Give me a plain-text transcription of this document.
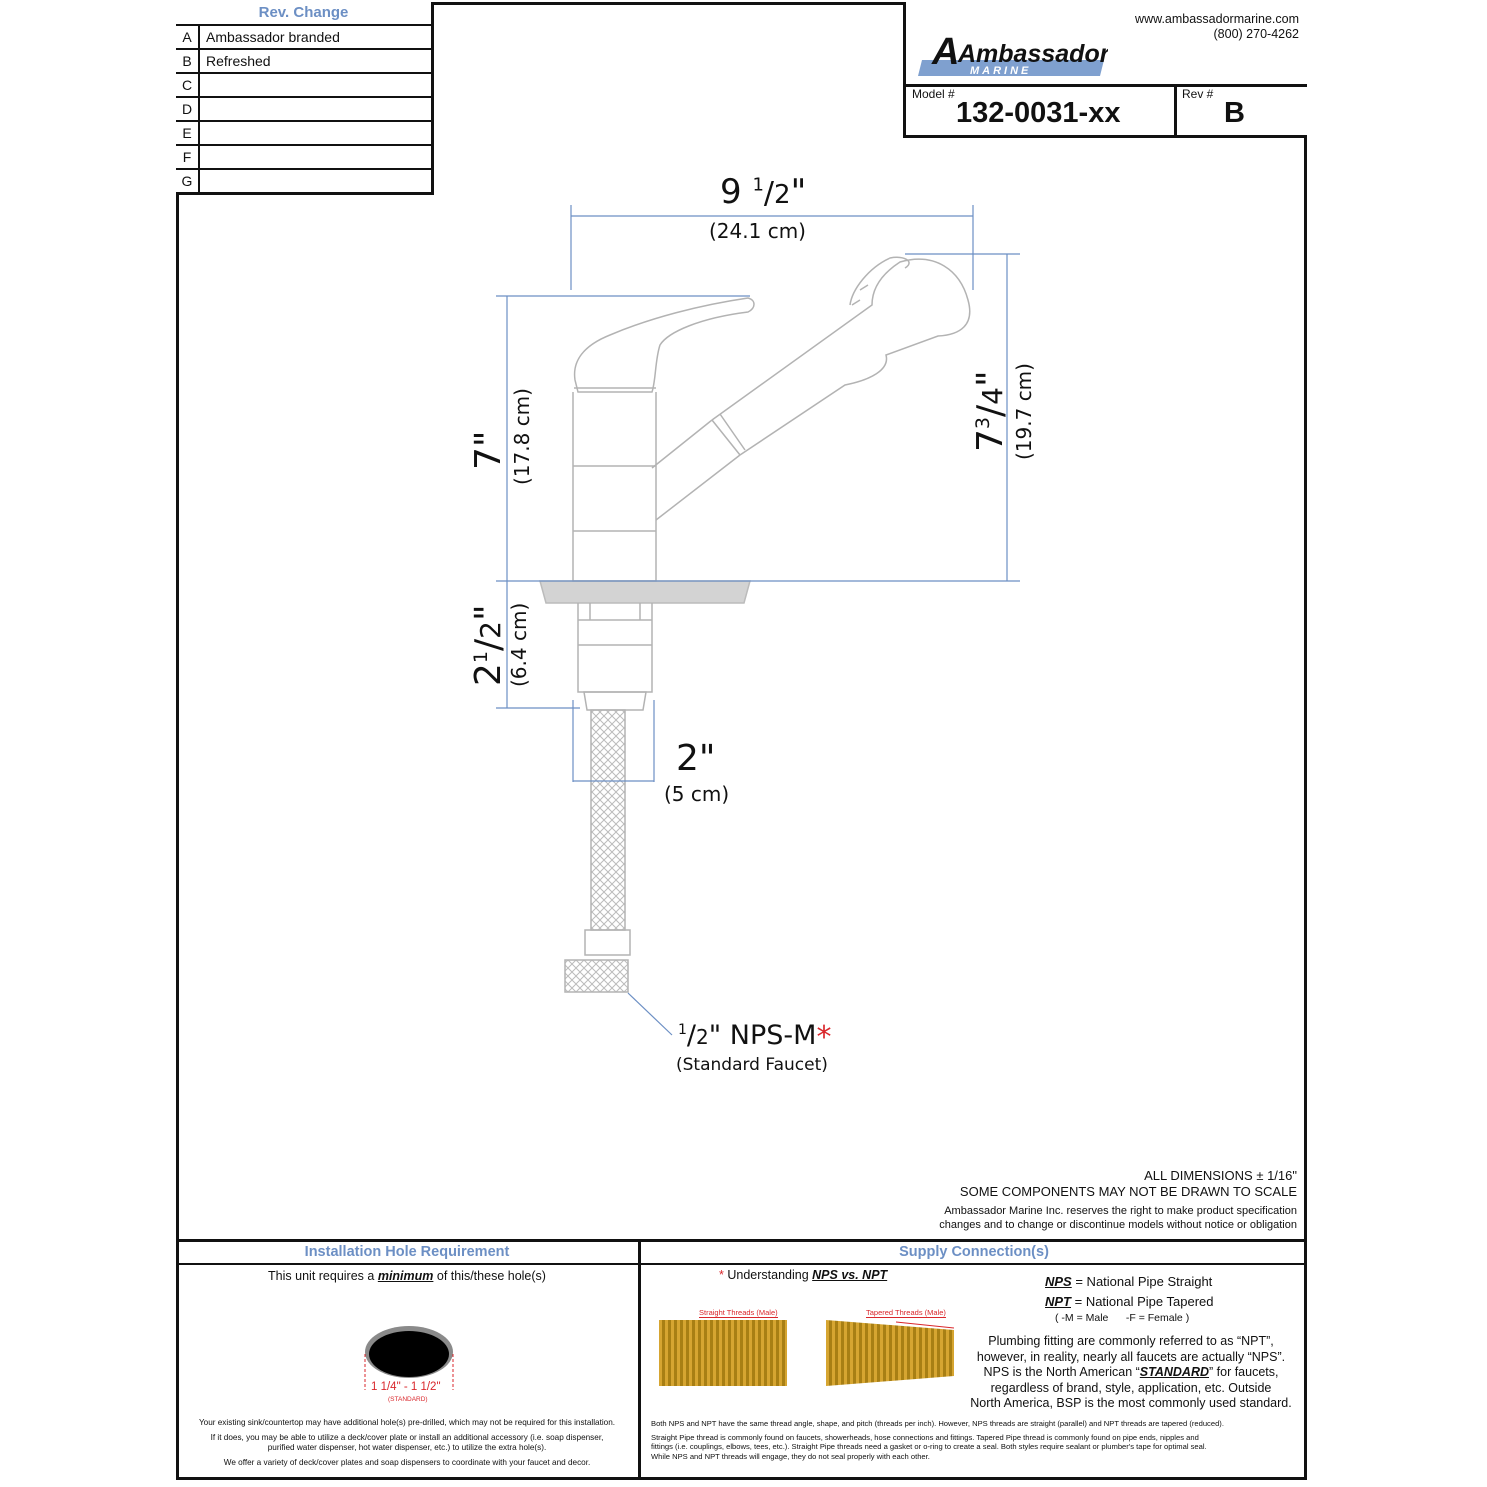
Rev. Change
A	Ambassador branded
B	Refreshed
C
D
E
F
G
A
Ambassador
MARINE
www.ambassadormarine.com
(800) 270-4262
Model #
132-0031-xx
Rev #
B
9 $^1$/2"
(24.1 cm)
7" (17.8 cm)	$7^3/4$" (19.7 cm)
$2^1/2$"
(6.4 cm)
2"
(5 cm)
$^1$/2" NPS-M*
(Standard Faucet)
ALL DIMENSIONS ± 1/16"
SOME COMPONENTS MAY NOT BE DRAWN TO SCALE
Ambassador Marine Inc. reserves the right to make product specification
changes and to change or discontinue models without notice or obligation
Installation Hole Requirement
This unit requires a minimum of this/these hole(s)
1 1/4" - 1 1/2"
(STANDARD)
Your existing sink/countertop may have additional hole(s) pre-drilled, which may not be required for this installation.
If it does, you may be able to utilize a deck/cover plate or install an additional accessory (i.e. soap dispenser,
purified water dispenser, hot water dispenser, etc.) to utilize the extra hole(s).
We offer a variety of deck/cover plates and soap dispensers to coordinate with your faucet and decor.
Supply Connection(s)
* Understanding NPS vs. NPT
Straight Threads (Male)	Tapered Threads (Male)
NPS = National Pipe Straight
NPT = National Pipe Tapered
( -M = Male      -F = Female )
Plumbing fitting are commonly referred to as “NPT”,
however, in reality, nearly all faucets are actually “NPS”.
NPS is the North American “STANDARD” for faucets,
regardless of brand, style, application, etc. Outside
North America, BSP is the most commonly used standard.
Both NPS and NPT have the same thread angle, shape, and pitch (threads per inch). However, NPS threads are straight (parallel) and NPT threads are tapered (reduced).
Straight Pipe thread is commonly found on faucets, showerheads, hose connections and fittings. Tapered Pipe thread is commonly found on pipe ends, nipples and
fittings (i.e. couplings, elbows, tees, etc.). Straight Pipe threads need a gasket or o-ring to create a seal. Both styles require sealant or plumber's tape for optimal seal.
While NPS and NPT threads will engage, they do not seal properly with each other.
